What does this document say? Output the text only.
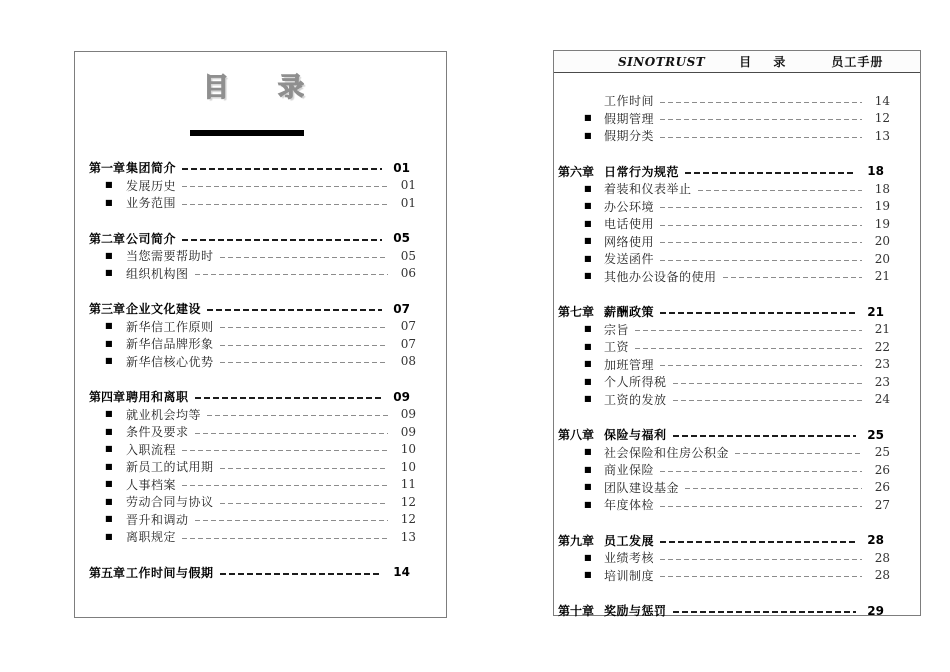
目 录
第一章 集团简介	01
■ 发展历史	01
■ 业务范围	01
第二章 公司简介	05
■ 当您需要帮助时	05
■ 组织机构图	06
第三章 企业文化建设	07
■ 新华信工作原则	07
■ 新华信品牌形象	07
■ 新华信核心优势	08
第四章 聘用和离职	09
■ 就业机会均等	09
■ 条件及要求	09
■ 入职流程	10
■ 新员工的试用期	10
■ 人事档案	11
■ 劳动合同与协议	12
■ 晋升和调动	12
■ 离职规定	13
第五章 工作时间与假期	14
SINOTRUST	目 录	员工手册
工作时间	14
■ 假期管理	12
■ 假期分类	13
第六章 日常行为规范	18
■ 着装和仪表举止	18
■ 办公环境	19
■ 电话使用	19
■ 网络使用	20
■ 发送函件	20
■ 其他办公设备的使用	21
第七章 薪酬政策	21
■ 宗旨	21
■ 工资	22
■ 加班管理	23
■ 个人所得税	23
■ 工资的发放	24
第八章 保险与福利	25
■ 社会保险和住房公积金	25
■ 商业保险	26
■ 团队建设基金	26
■ 年度体检	27
第九章 员工发展	28
■ 业绩考核	28
■ 培训制度	28
第十章 奖励与惩罚	29
